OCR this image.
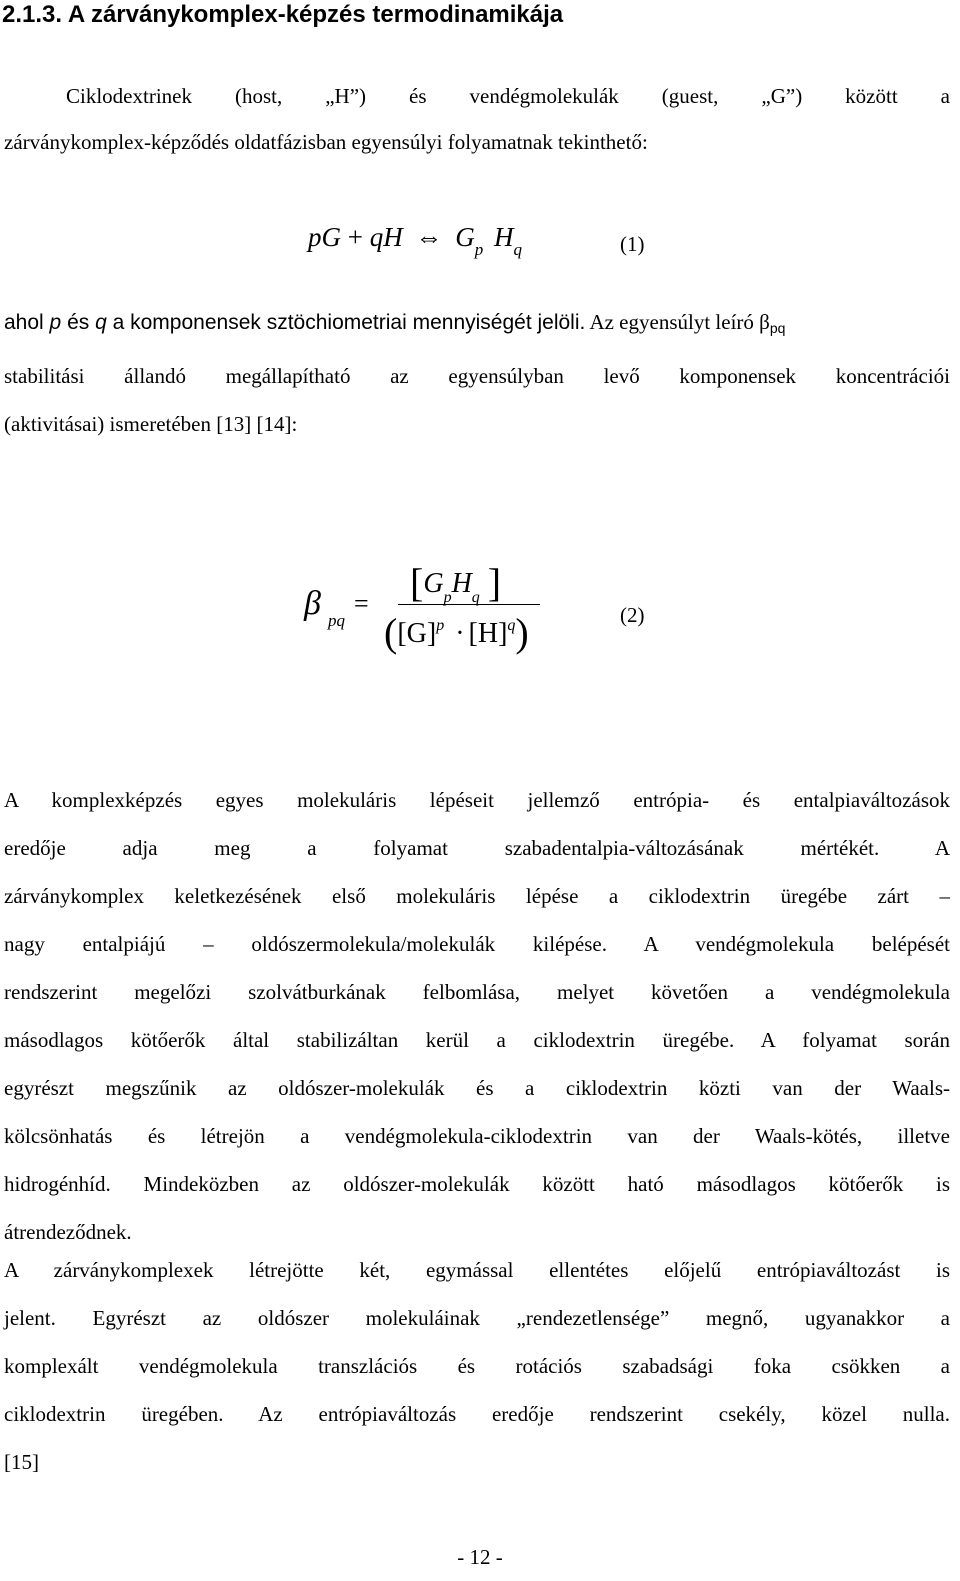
2.1.3. A zárványkomplex-képzés termodinamikája
Ciklodextrinek (host, „H”) és vendégmolekulák (guest, „G”) között a
zárványkomplex-képződés oldatfázisban egyensúlyi folyamatnak tekinthető:
pG + qH ⇔ $G_p$ $H_q$	(1)
ahol p és q a komponensek sztöchiometriai mennyiségét jelöli. Az egyensúlyt leíró $\beta_{pq}$
stabilitási állandó megállapítható az egyensúlyban levő komponensek koncentrációi
(aktivitásai) ismeretében [13] [14]:
β pq
= [$G_pH_q$ ]
$([G]^p \cdot [H]^q)$	(2)
A komplexképzés egyes molekuláris lépéseit jellemző entrópia- és entalpiaváltozások
eredője adja meg a folyamat szabadentalpia-változásának mértékét. A
zárványkomplex keletkezésének első molekuláris lépése a ciklodextrin üregébe zárt –
nagy entalpiájú – oldószermolekula/molekulák kilépése. A vendégmolekula belépését
rendszerint megelőzi szolvátburkának felbomlása, melyet követően a vendégmolekula
másodlagos kötőerők által stabilizáltan kerül a ciklodextrin üregébe. A folyamat során
egyrészt megszűnik az oldószer-molekulák és a ciklodextrin közti van der Waals-
kölcsönhatás és létrejön a vendégmolekula-ciklodextrin van der Waals-kötés, illetve
hidrogénhíd. Mindeközben az oldószer-molekulák között ható másodlagos kötőerők is
átrendeződnek.
A zárványkomplexek létrejötte két, egymással ellentétes előjelű entrópiaváltozást is
jelent. Egyrészt az oldószer molekuláinak „rendezetlensége” megnő, ugyanakkor a
komplexált vendégmolekula transzlációs és rotációs szabadsági foka csökken a
ciklodextrin üregében. Az entrópiaváltozás eredője rendszerint csekély, közel nulla.
[15]
- 12 -
